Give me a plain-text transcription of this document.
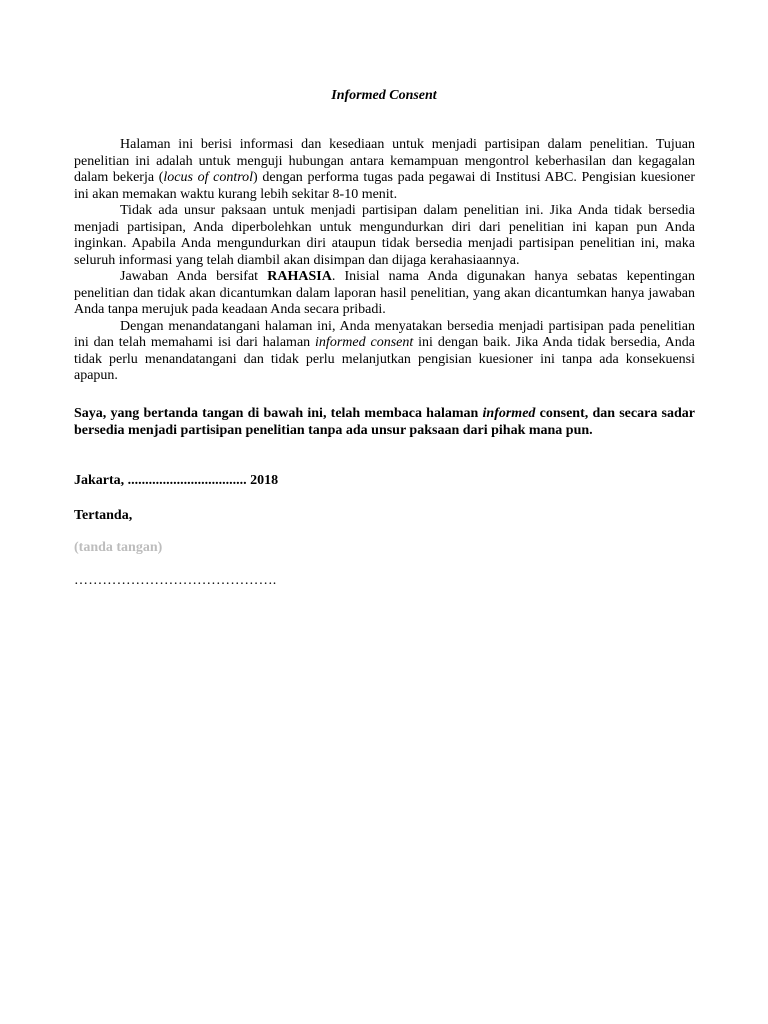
Informed Consent

Halaman ini berisi informasi dan kesediaan untuk menjadi partisipan dalam penelitian. Tujuan penelitian ini adalah untuk menguji hubungan antara kemampuan mengontrol keberhasilan dan kegagalan dalam bekerja (locus of control) dengan performa tugas pada pegawai di Institusi ABC. Pengisian kuesioner ini akan memakan waktu kurang lebih sekitar 8-10 menit.

Tidak ada unsur paksaan untuk menjadi partisipan dalam penelitian ini. Jika Anda tidak bersedia menjadi partisipan, Anda diperbolehkan untuk mengundurkan diri dari penelitian ini kapan pun Anda inginkan. Apabila Anda mengundurkan diri ataupun tidak bersedia menjadi partisipan penelitian ini, maka seluruh informasi yang telah diambil akan disimpan dan dijaga kerahasiaannya.

Jawaban Anda bersifat RAHASIA. Inisial nama Anda digunakan hanya sebatas kepentingan penelitian dan tidak akan dicantumkan dalam laporan hasil penelitian, yang akan dicantumkan hanya jawaban Anda tanpa merujuk pada keadaan Anda secara pribadi.

Dengan menandatangani halaman ini, Anda menyatakan bersedia menjadi partisipan pada penelitian ini dan telah memahami isi dari halaman informed consent ini dengan baik. Jika Anda tidak bersedia, Anda tidak perlu menandatangani dan tidak perlu melanjutkan pengisian kuesioner ini tanpa ada konsekuensi apapun.

Saya, yang bertanda tangan di bawah ini, telah membaca halaman informed consent, dan secara sadar bersedia menjadi partisipan penelitian tanpa ada unsur paksaan dari pihak mana pun.

Jakarta, .................................. 2018
Tertanda,
(tanda tangan)
…………………………………….
